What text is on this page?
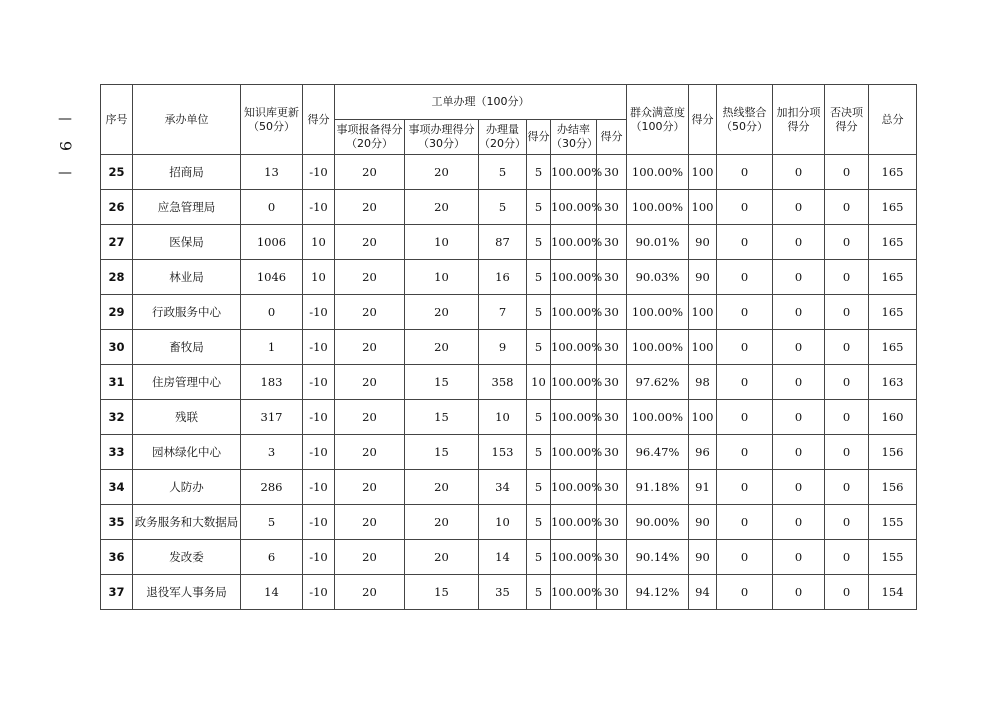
—
9
—
序号	承办单位	知识库更新（50分）	得分	工单办理（100分）						群众满意度（100分）	得分	热线整合（50分）	加扣分项得分	否决项得分	总分
				事项报备得分（20分）	事项办理得分（30分）	办理量（20分）	得分	办结率（30分）	得分						
25	招商局	13	-10	20	20	5	5	100.00%	30	100.00%	100	0	0	0	165
26	应急管理局	0	-10	20	20	5	5	100.00%	30	100.00%	100	0	0	0	165
27	医保局	1006	10	20	10	87	5	100.00%	30	90.01%	90	0	0	0	165
28	林业局	1046	10	20	10	16	5	100.00%	30	90.03%	90	0	0	0	165
29	行政服务中心	0	-10	20	20	7	5	100.00%	30	100.00%	100	0	0	0	165
30	畜牧局	1	-10	20	20	9	5	100.00%	30	100.00%	100	0	0	0	165
31	住房管理中心	183	-10	20	15	358	10	100.00%	30	97.62%	98	0	0	0	163
32	残联	317	-10	20	15	10	5	100.00%	30	100.00%	100	0	0	0	160
33	园林绿化中心	3	-10	20	15	153	5	100.00%	30	96.47%	96	0	0	0	156
34	人防办	286	-10	20	20	34	5	100.00%	30	91.18%	91	0	0	0	156
35	政务服务和大数据局	5	-10	20	20	10	5	100.00%	30	90.00%	90	0	0	0	155
36	发改委	6	-10	20	20	14	5	100.00%	30	90.14%	90	0	0	0	155
37	退役军人事务局	14	-10	20	15	35	5	100.00%	30	94.12%	94	0	0	0	154
